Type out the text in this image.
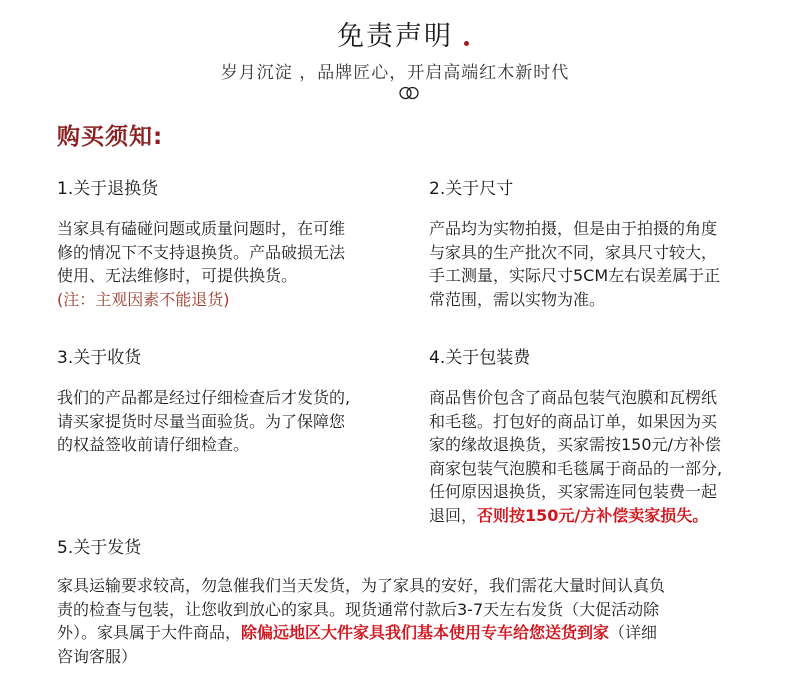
免责声明
岁月沉淀 ，品牌匠心，开启高端红木新时代
购买须知:
1.关于退换货

当家具有磕碰问题或质量问题时，在可维

修的情况下不支持退换货。产品破损无法

使用、无法维修时，可提供换货。

(注：主观因素不能退货)

2.关于尺寸

产品均为实物拍摄，但是由于拍摄的角度

与家具的生产批次不同，家具尺寸较大，

手工测量，实际尺寸5CM左右误差属于正

常范围，需以实物为准。

3.关于收货

我们的产品都是经过仔细检查后才发货的,

请买家提货时尽量当面验货。为了保障您

的权益签收前请仔细检查。

4.关于包装费

商品售价包含了商品包装气泡膜和瓦楞纸

和毛毯。打包好的商品订单，如果因为买

家的缘故退换货，买家需按150元/方补偿

商家包装气泡膜和毛毯属于商品的一部分,

任何原因退换货，买家需连同包装费一起

退回，否则按150元/方补偿卖家损失。

5.关于发货

家具运输要求较高，勿急催我们当天发货，为了家具的安好，我们需花大量时间认真负

责的检查与包装，让您收到放心的家具。现货通常付款后3-7天左右发货（大促活动除

外）。家具属于大件商品，除偏远地区大件家具我们基本使用专车给您送货到家（详细

咨询客服）
